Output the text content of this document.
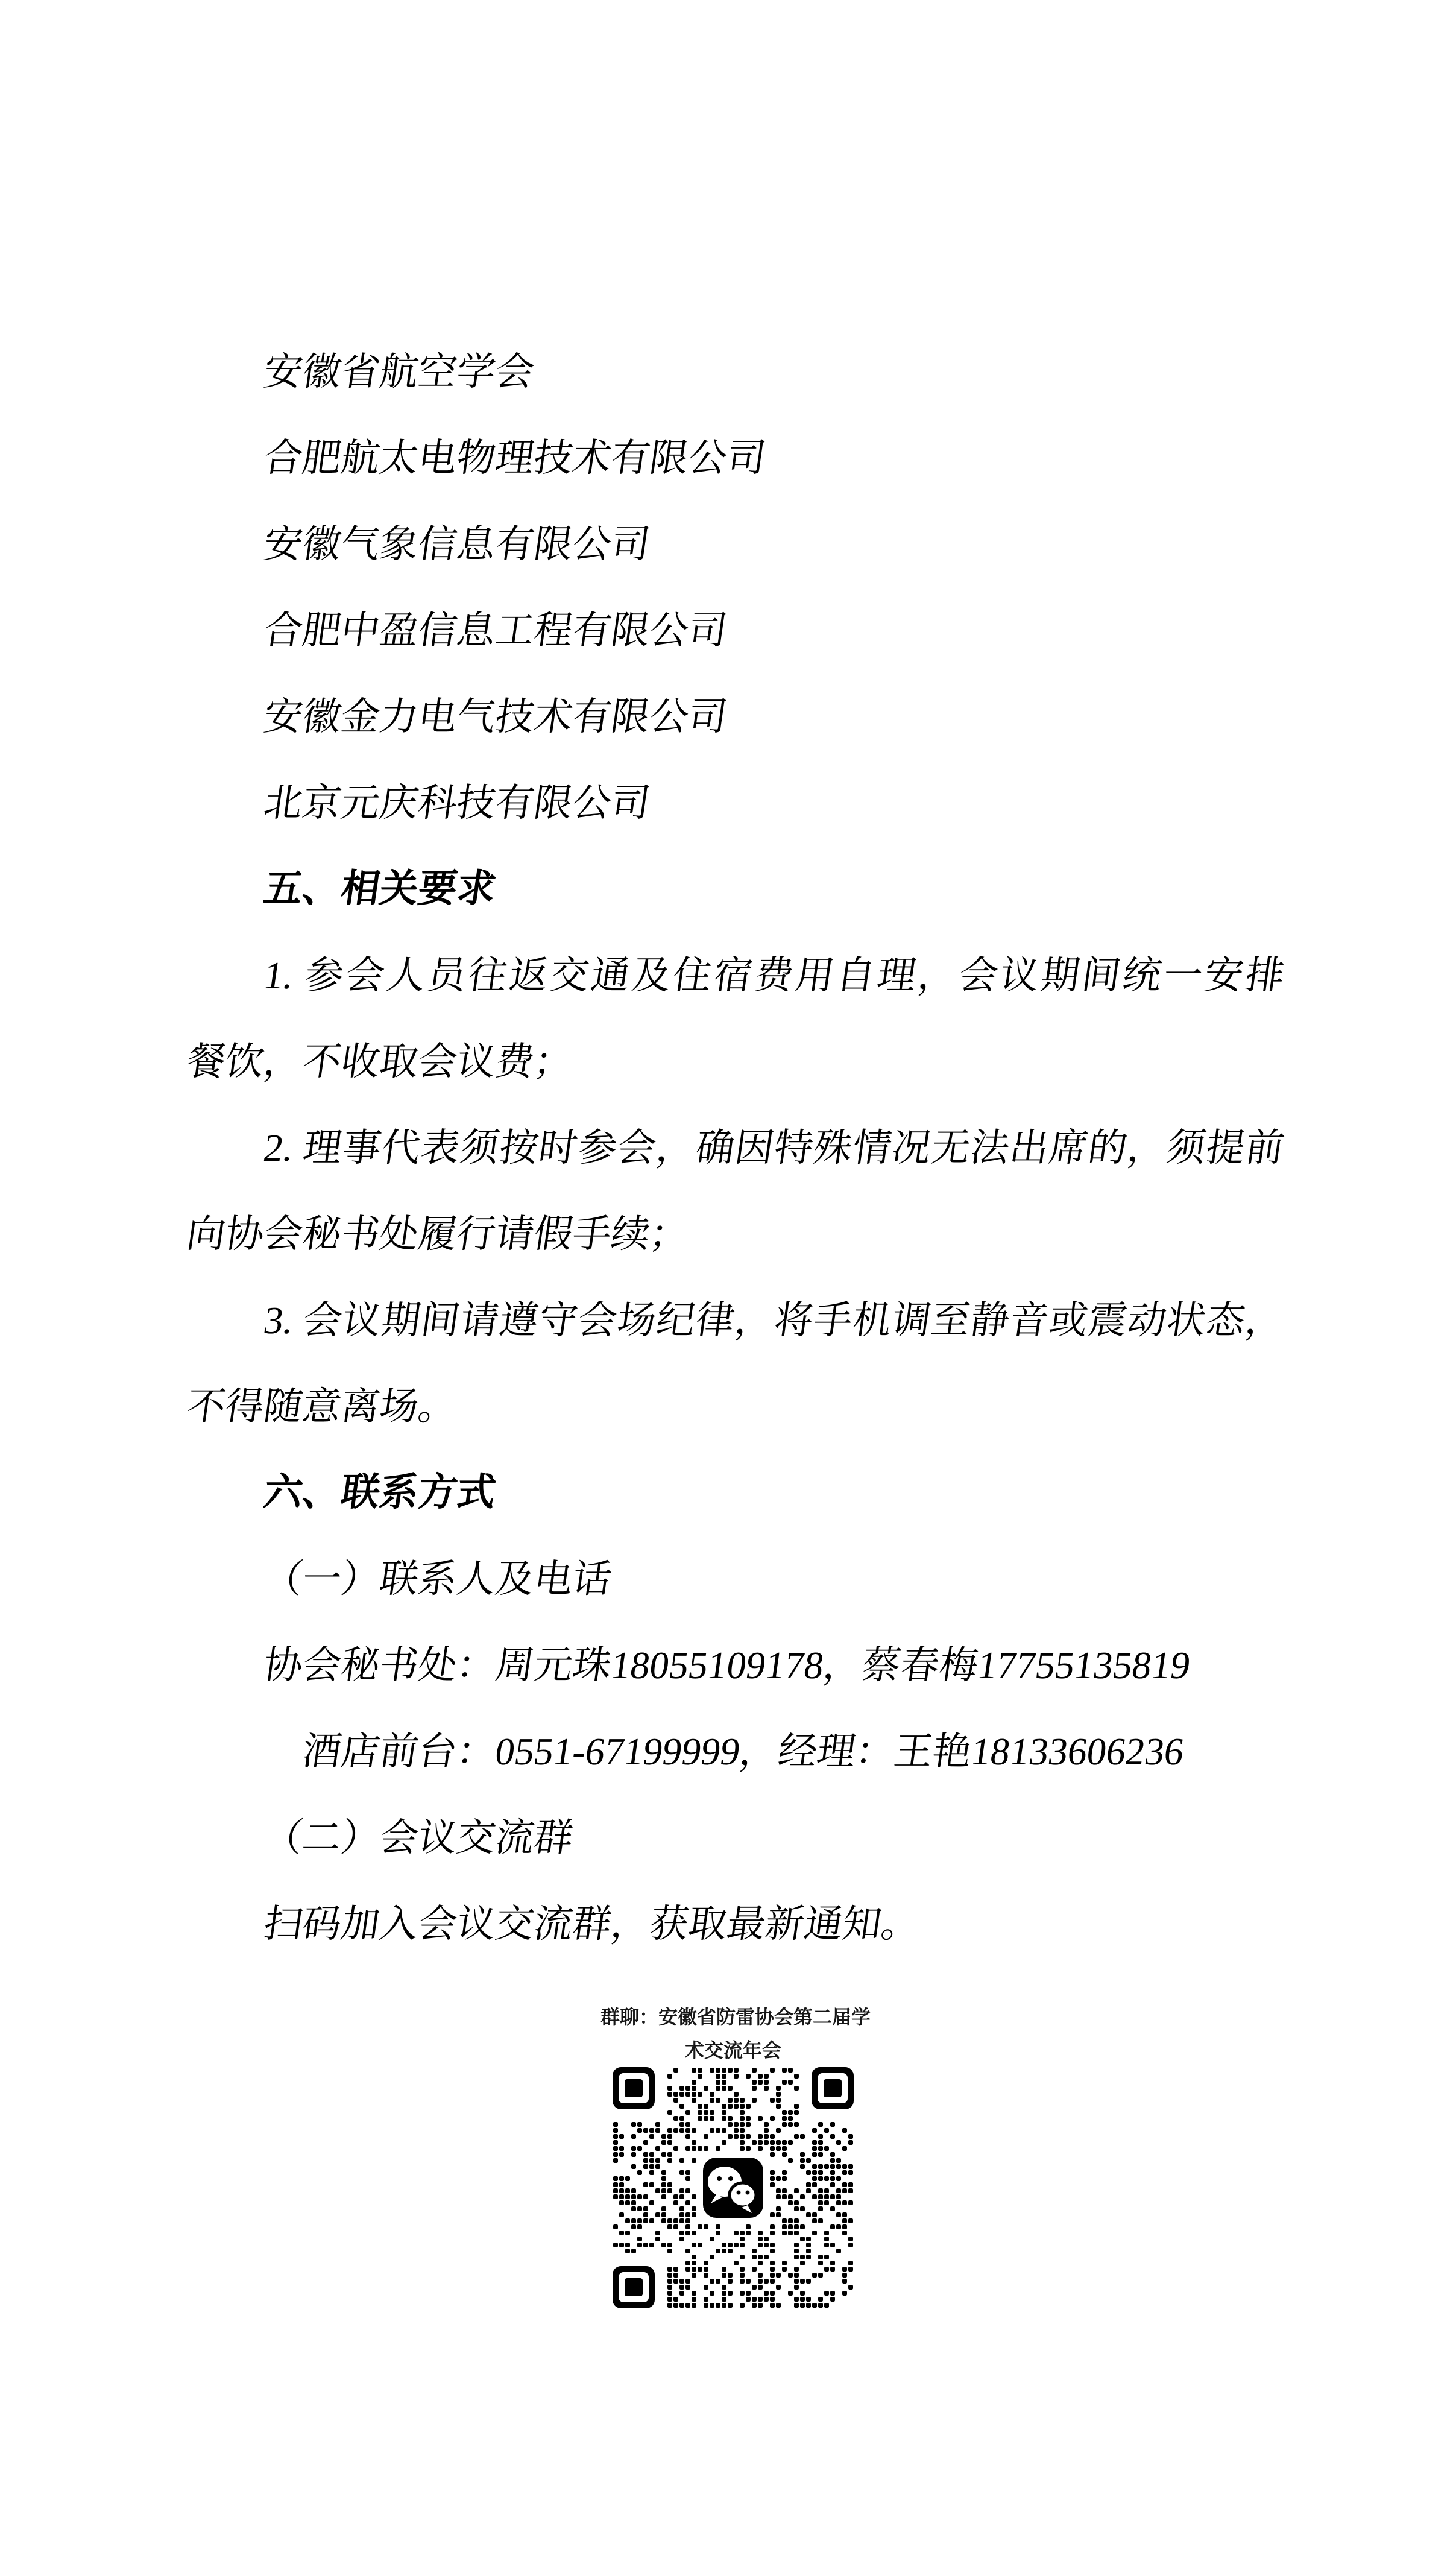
安徽省航空学会
合肥航太电物理技术有限公司
安徽气象信息有限公司
合肥中盈信息工程有限公司
安徽金力电气技术有限公司
北京元庆科技有限公司
五、相关要求
1. 参会人员往返交通及住宿费用自理，会议期间统一安排
餐饮，不收取会议费；
2. 理事代表须按时参会，确因特殊情况无法出席的，须提前
向协会秘书处履行请假手续；
3. 会议期间请遵守会场纪律，将手机调至静音或震动状态，
不得随意离场。
六、联系方式
（一）联系人及电话
协会秘书处：周元珠18055109178，蔡春梅17755135819
酒店前台：0551-67199999，经理：王艳18133606236
（二）会议交流群
扫码加入会议交流群，获取最新通知。
群聊：安徽省防雷协会第二届学
术交流年会
